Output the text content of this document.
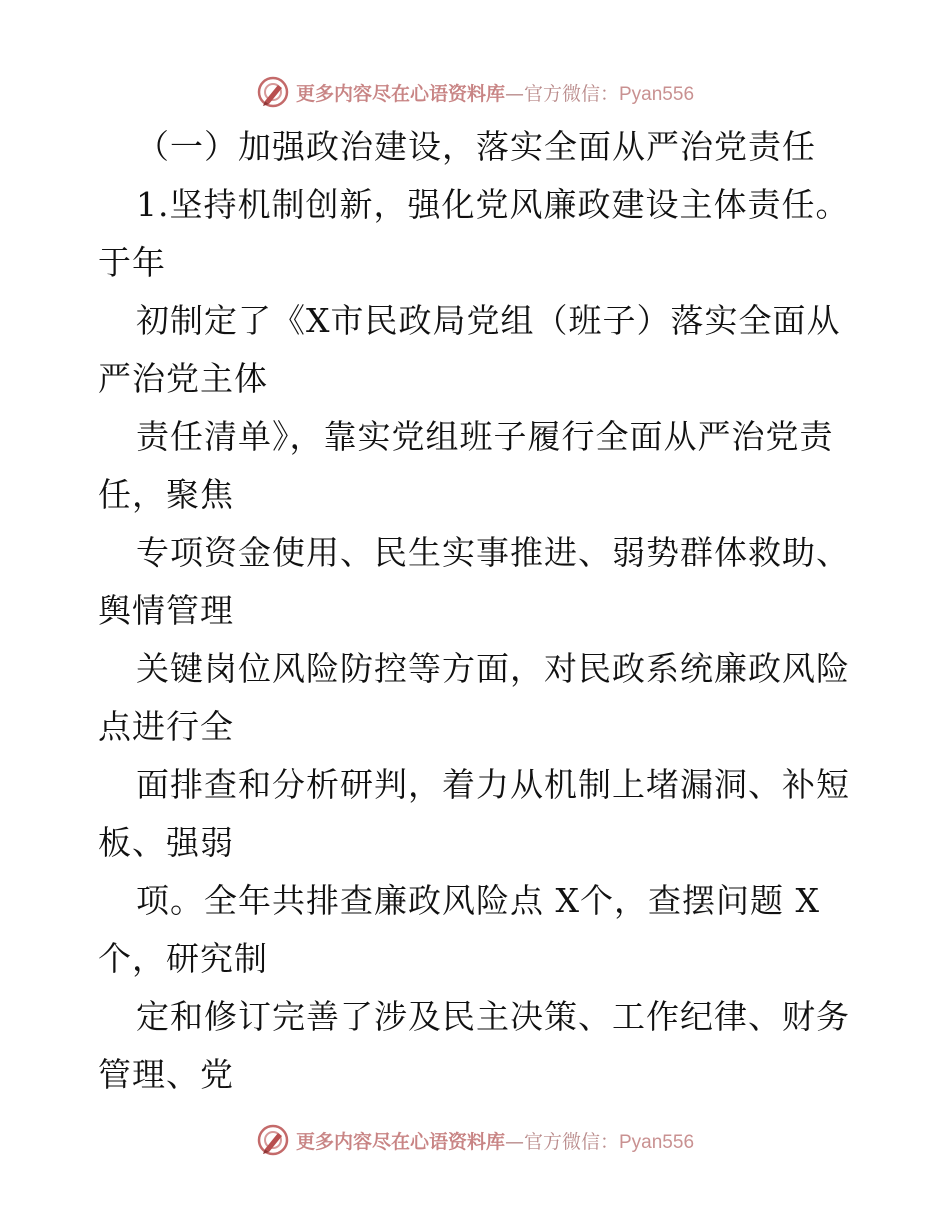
更多内容尽在心语资料库—官方微信：Pyan556
（一）加强政治建设，落实全面从严治党责任
1.坚持机制创新，强化党风廉政建设主体责任。
于年
初制定了《X市民政局党组（班子）落实全面从
严治党主体
责任清单》，靠实党组班子履行全面从严治党责
任，聚焦
专项资金使用、民生实事推进、弱势群体救助、
舆情管理
关键岗位风险防控等方面，对民政系统廉政风险
点进行全
面排查和分析研判，着力从机制上堵漏洞、补短
板、强弱
项。全年共排查廉政风险点 X个，查摆问题 X
个，研究制
定和修订完善了涉及民主决策、工作纪律、财务
管理、党
更多内容尽在心语资料库—官方微信：Pyan556
